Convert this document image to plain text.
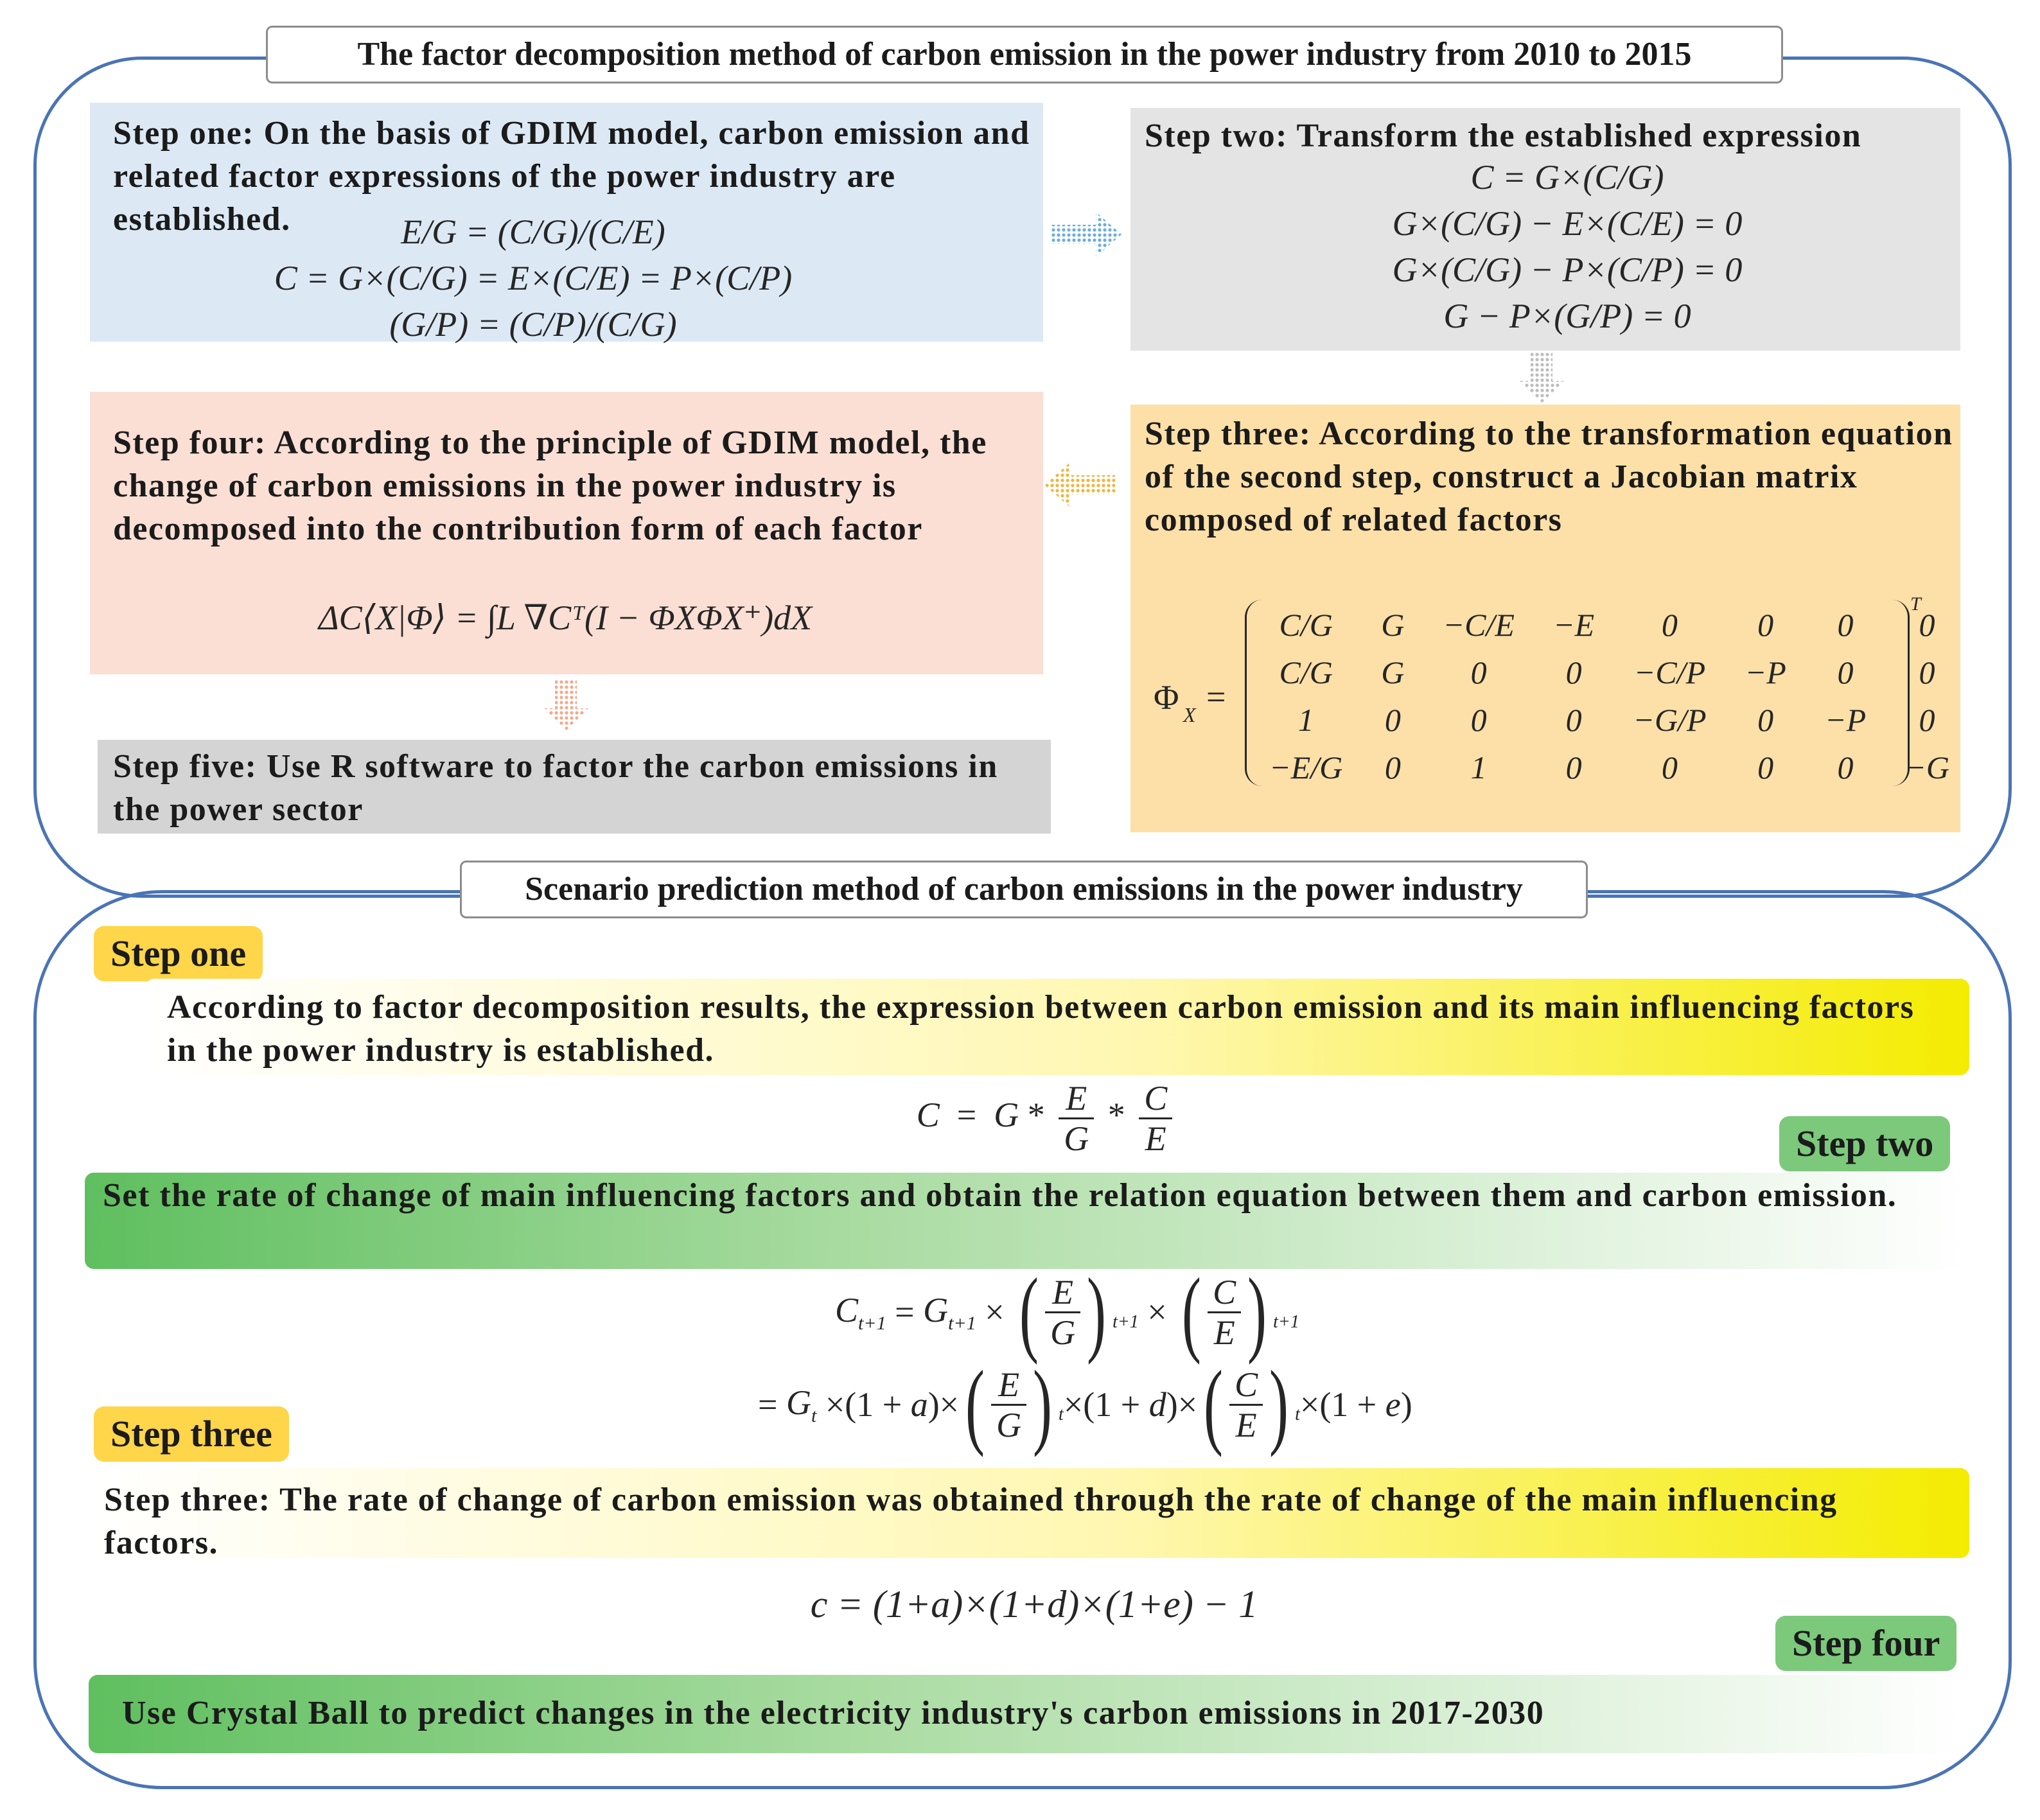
The factor decomposition method of carbon emission in the power industry from 2010 to 2015
Step one: On the basis of GDIM model, carbon emission and related factor expressions of the power industry are established.	E/G = (C/G)/(C/E)
C = G×(C/G) = E×(C/E) = P×(C/P)
(G/P) = (C/P)/(C/G)
Step two: Transform the established expression
C = G×(C/G)
G×(C/G) − E×(C/E) = 0
G×(C/G) − P×(C/P) = 0
G − P×(G/P) = 0
Step three: According to the transformation equation of the second step, construct a Jacobian matrix composed of related factors
Φ X =
C/G	G	−C/E	−E	0	0	0	0
C/G	G	0	0	−C/P	−P	0	0
1	0	0	0	−G/P	0	−P	0
−E/G	0	1	0	0	0	0	−G
T
Step four: According to the principle of GDIM model, the change of carbon emissions in the power industry is decomposed into the contribution form of each factor
ΔC⟨X|Φ⟩ = ∫L ∇Cᵀ(I − ΦXΦX⁺)dX
Step five: Use R software to factor the carbon emissions in the power sector
Scenario prediction method of carbon emissions in the power industry
Step one
According to factor decomposition results, the expression between carbon emission and its main influencing factors in the power industry is established.
$C = G * \frac{E}{G} * \frac{C}{E}$	Step two
Set the rate of change of main influencing factors and obtain the relation equation between them and carbon emission.
$C_{t+1} = G_{t+1}$ × ( $\frac{E}{G}$ ) $_{t+1}$ × ( $\frac{C}{E}$ ) $_{t+1}$
= $G_t \times(1 + a)\times( \frac{E}{G}$ ) $_t\times(1 + d)\times( \frac{C}{E}$ ) $_t$×(1 + e)
Step three
Step three: The rate of change of carbon emission was obtained through the rate of change of the main influencing factors.
c = (1+a)×(1+d)×(1+e) − 1
Step four
Use Crystal Ball to predict changes in the electricity industry's carbon emissions in 2017-2030
